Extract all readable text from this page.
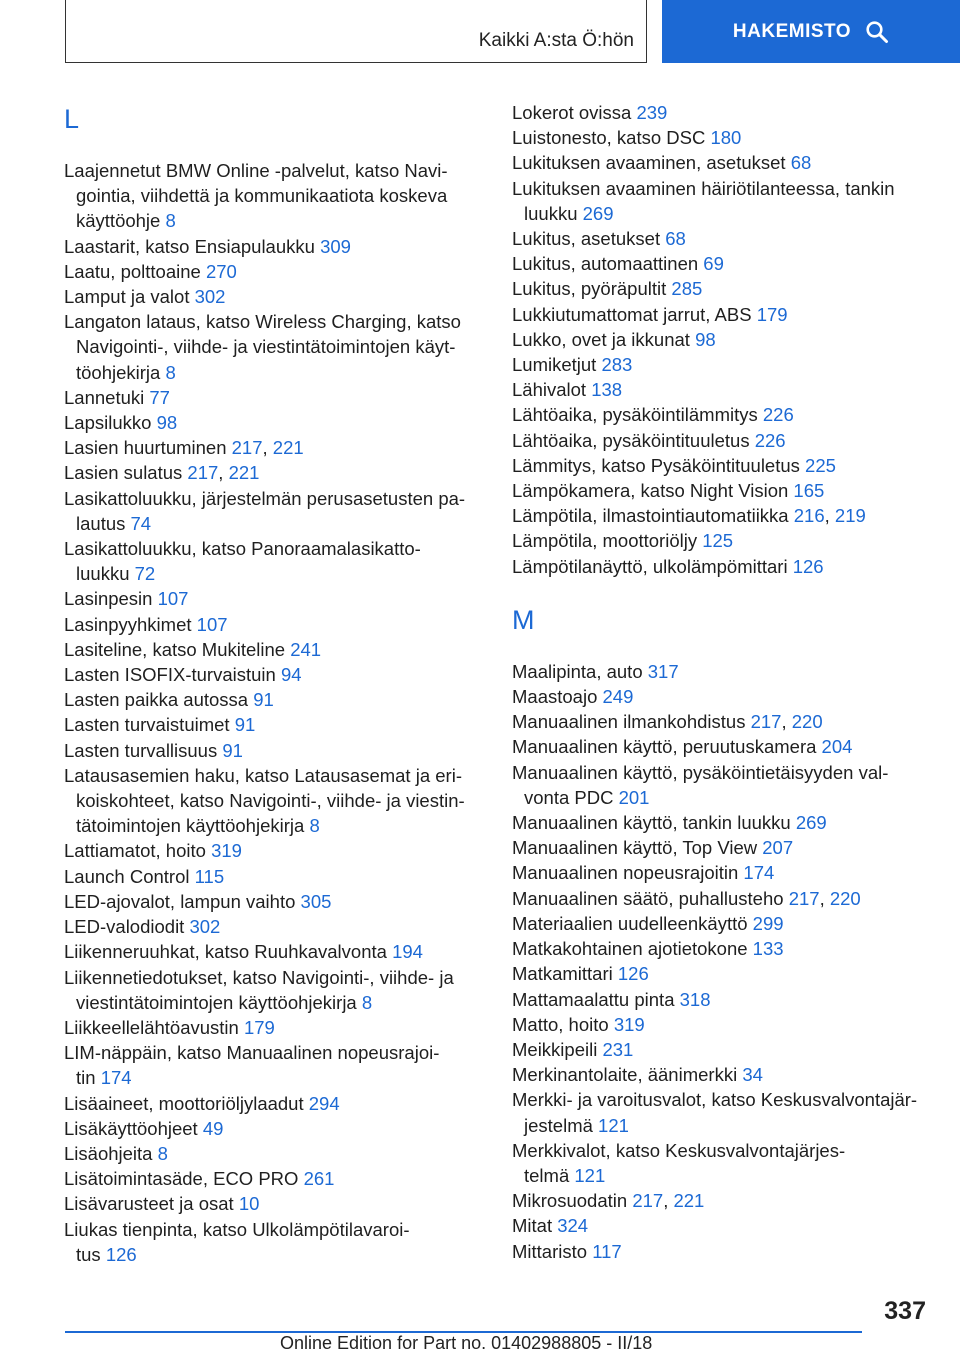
Kaikki A:sta Ö:hön	HAKEMISTO
L
Laajennetut BMW Online -palvelut, katso Navi-
gointia, viihdettä ja kommunikaatiota koskeva
käyttöohje 8
Laastarit, katso Ensiapulaukku 309
Laatu, polttoaine 270
Lamput ja valot 302
Langaton lataus, katso Wireless Charging, katso
Navigointi-, viihde- ja viestintätoimintojen käyt-
töohjekirja 8
Lannetuki 77
Lapsilukko 98
Lasien huurtuminen 217, 221
Lasien sulatus 217, 221
Lasikattoluukku, järjestelmän perusasetusten pa-
lautus 74
Lasikattoluukku, katso Panoraamalasikatto-
luukku 72
Lasinpesin 107
Lasinpyyhkimet 107
Lasiteline, katso Mukiteline 241
Lasten ISOFIX-turvaistuin 94
Lasten paikka autossa 91
Lasten turvaistuimet 91
Lasten turvallisuus 91
Latausasemien haku, katso Latausasemat ja eri-
koiskohteet, katso Navigointi-, viihde- ja viestin-
tätoimintojen käyttöohjekirja 8
Lattiamatot, hoito 319
Launch Control 115
LED-ajovalot, lampun vaihto 305
LED-valodiodit 302
Liikenneruuhkat, katso Ruuhkavalvonta 194
Liikennetiedotukset, katso Navigointi-, viihde- ja
viestintätoimintojen käyttöohjekirja 8
Liikkeellelähtöavustin 179
LIM-näppäin, katso Manuaalinen nopeusrajoi-
tin 174
Lisäaineet, moottoriöljylaadut 294
Lisäkäyttöohjeet 49
Lisäohjeita 8
Lisätoimintasäde, ECO PRO 261
Lisävarusteet ja osat 10
Liukas tienpinta, katso Ulkolämpötilavaroi-
tus 126
Lokerot ovissa 239
Luistonesto, katso DSC 180
Lukituksen avaaminen, asetukset 68
Lukituksen avaaminen häiriötilanteessa, tankin
luukku 269
Lukitus, asetukset 68
Lukitus, automaattinen 69
Lukitus, pyöräpultit 285
Lukkiutumattomat jarrut, ABS 179
Lukko, ovet ja ikkunat 98
Lumiketjut 283
Lähivalot 138
Lähtöaika, pysäköintilämmitys 226
Lähtöaika, pysäköintituuletus 226
Lämmitys, katso Pysäköintituuletus 225
Lämpökamera, katso Night Vision 165
Lämpötila, ilmastointiautomatiikka 216, 219
Lämpötila, moottoriöljy 125
Lämpötilanäyttö, ulkolämpömittari 126
M
Maalipinta, auto 317
Maastoajo 249
Manuaalinen ilmankohdistus 217, 220
Manuaalinen käyttö, peruutuskamera 204
Manuaalinen käyttö, pysäköintietäisyyden val-
vonta PDC 201
Manuaalinen käyttö, tankin luukku 269
Manuaalinen käyttö, Top View 207
Manuaalinen nopeusrajoitin 174
Manuaalinen säätö, puhallusteho 217, 220
Materiaalien uudelleenkäyttö 299
Matkakohtainen ajotietokone 133
Matkamittari 126
Mattamaalattu pinta 318
Matto, hoito 319
Meikkipeili 231
Merkinantolaite, äänimerkki 34
Merkki- ja varoitusvalot, katso Keskusvalvontajär-
jestelmä 121
Merkkivalot, katso Keskusvalvontajärjes-
telmä 121
Mikrosuodatin 217, 221
Mitat 324
Mittaristo 117
337
Online Edition for Part no. 01402988805 - II/18
